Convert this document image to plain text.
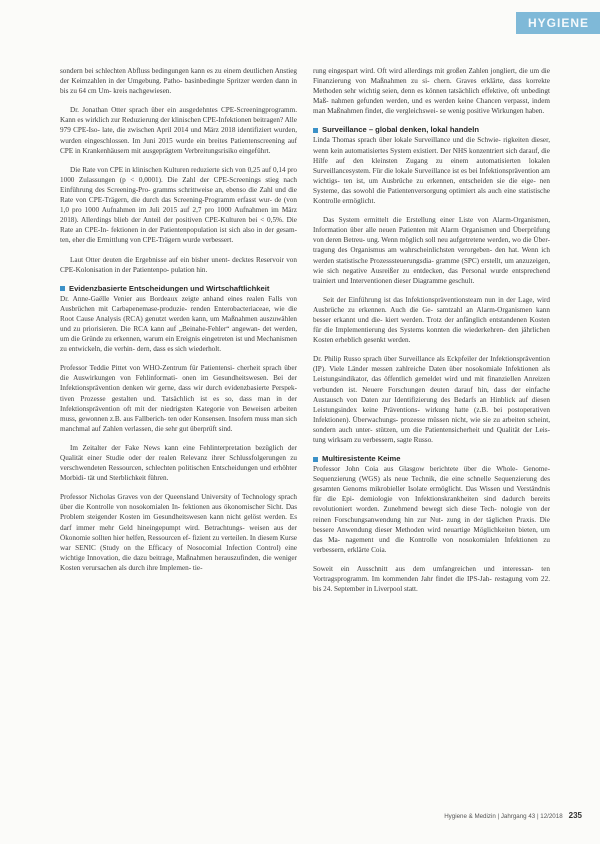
HYGIENE

sondern bei schlechten Abfluss bedingungen kann es zu einem deutlichen Anstieg der Keimzahlen in der Umgebung. Patho- basinbedingte Spritzer werden dann in bis zu 64 cm Um- kreis nachgewiesen.

Dr. Jonathan Otter sprach über ein ausgedehntes CPE-Screeningprogramm. Kann es wirklich zur Reduzierung der klinischen CPE-Infektionen beitragen? Alle 979 CPE-Iso- late, die zwischen April 2014 und März 2018 identifiziert wurden, wurden eingeschlossen. Im Juni 2015 wurde ein breites Patientenscreening auf CPE in Krankenhäusern mit ausgeprägtem Verbreitungsrisiko eingeführt.

Die Rate von CPE in klinischen Kulturen reduzierte sich von 0,25 auf 0,14 pro 1000 Zulassungen (p < 0,0001). Die Zahl der CPE-Screenings stieg nach Einführung des Screening-Pro- gramms schrittweise an, ebenso die Zahl und die Rate von CPE-Trägern, die durch das Screening-Programm erfasst wur- de (von 1,0 pro 1000 Aufnahmen im Juli 2015 auf 2,7 pro 1000 Aufnahmen im März 2018). Allerdings blieb der Anteil der positiven CPE-Kulturen bei < 0,5%. Die Rate an CPE-In- fektionen in der Patientenpopulation ist sich also in der gesam- ten, eher die Ermittlung von CPE-Trägern wurde verbessert.

Laut Otter deuten die Ergebnisse auf ein bisher unent- decktes Reservoir von CPE-Kolonisation in der Patientenpo- pulation hin.

Evidenzbasierte Entscheidungen und Wirtschaftlichkeit

Dr. Anne-Gaëlle Venier aus Bordeaux zeigte anhand eines realen Falls von Ausbrüchen mit Carbapenemase-produzie- renden Enterobacteriaceae, wie die Root Cause Analysis (RCA) genutzt werden kann, um Maßnahmen auszuwählen und zu priorisieren. Die RCA kann auf „Beinahe-Fehler“ angewan- det werden, um die Gründe zu erkennen, warum ein Ereignis eingetreten ist und Mechanismen zu entwickeln, die verhin- dern, dass es sich wiederholt.

Professor Teddie Pittet von WHO-Zentrum für Patientensi- cherheit sprach über die Auswirkungen von Fehlinformati- onen im Gesundheitswesen. Bei der Infektionsprävention denken wir gerne, dass wir durch evidenzbasierte Perspek- tiven Prozesse gestalten und. Tatsächlich ist es so, dass man in der Infektionsprävention oft mit der niedrigsten Kategorie von Beweisen arbeiten muss, gewonnen z.B. aus Fallberich- ten oder Konsensen. Insofern muss man sich manchmal auf Zahlen verlassen, die sehr gut überprüft sind.

Im Zeitalter der Fake News kann eine Fehlinterpretation bezüglich der Qualität einer Studie oder der realen Relevanz ihrer Schlussfolgerungen zu verschwendeten Ressourcen, schlechten politischen Entscheidungen und erhöhter Morbidi- tät und Sterblichkeit führen.

Professor Nicholas Graves von der Queensland University of Technology sprach über die Kontrolle von nosokomialen In- fektionen aus ökonomischer Sicht. Das Problem steigender Kosten im Gesundheitswesen kann nicht gelöst werden. Es darf immer mehr Geld hineingepumpt wird. Betrachtungs- weisen aus der Ökonomie sollten hier helfen, Ressourcen ef- fizient zu verteilen. In diesem Kurse war SENIC (Study on the Efficacy of Nosocomial Infection Control) eine wichtige Innovation, die dazu beitrage, Maßnahmen herauszufinden, die weniger Kosten verursachen als durch ihre Implemen- tie-

rung eingespart wird. Oft wird allerdings mit großen Zahlen jongliert, die um die Finanzierung von Maßnahmen zu si- chern. Graves erklärte, dass korrekte Methoden sehr wichtig seien, denn es können tatsächlich effektive, oft unbedingt Maß- nahmen gefunden werden, und es werden keine Chancen verpasst, indem man Maßnahmen findet, die vergleichswei- se wenig positive Wirkungen haben.

Surveillance – global denken, lokal handeln

Linda Thomas sprach über lokale Surveillance und die Schwie- rigkeiten dieser, wenn kein automatisiertes System existiert. Der NHS konzentriert sich darauf, die Hilfe auf den kleinsten Zugang zu einem automatisierten lokalen Surveillancesystem. Für die lokale Surveillance ist es bei Infektionsprävention am wichtigs- ten ist, um Ausbrüche zu erkennen, entscheiden sie die eige- nen Systeme, das sowohl die Patientenversorgung optimiert als auch eine statistische Kontrolle ermöglicht.

Das System ermittelt die Erstellung einer Liste von Alarm-Organismen, Information über alle neuen Patienten mit Alarm Organismen und Überprüfung von deren Betreu- ung. Wenn möglich soll neu aufgetretene werden, wo die Über- tragung des Organismus am wahrscheinlichsten verorgeben- den hat. Wenn ich werden statistische Prozesssteuerungsdia- gramme (SPC) erstellt, um anzuzeigen, wie sich negative Ausreißer zu entdecken, das Personal wurde entsprechend trainiert und Interventionen dieser Diagramme geschult.

Seit der Einführung ist das Infektionspräventionsteam nun in der Lage, wird Ausbrüche zu erkennen. Auch die Ge- samtzahl an Alarm-Organismen kann besser erkannt und die- kiert werden. Trotz der anfänglich entstandenen Kosten für die Implementierung des Systems konnten die wiederkehren- den jährlichen Kosten erheblich gesenkt werden.

Dr. Philip Russo sprach über Surveillance als Eckpfeiler der Infektionsprävention (IP). Viele Länder messen zahlreiche Daten über nosokomiale Infektionen als Leistungsindikator, das öffentlich gemeldet wird und mit finanziellen Anreizen verbunden ist. Neuere Forschungen deuten darauf hin, dass der einfache Austausch von Daten zur Identifizierung des Bedarfs an Hinblick auf diesen Leistungsindex keine Präventions- wirkung hatte (z.B. bei postoperativen Infektionen). Überwachungs- prozesse müssen nicht, wie sie zu arbeiten scheint, sondern auch unter- stützen, um die Patientensicherheit und Qualität der Leis- tung wirksam zu verbessern, sagte Russo.

Multiresistente Keime

Professor John Coia aus Glasgow berichtete über die Whole- Genome-Sequenzierung (WGS) als neue Technik, die eine schnelle Sequenzierung des gesamten Genoms mikrobieller Isolate ermöglicht. Das Wissen und Verständnis für die Epi- demiologie von Infektionskrankheiten sind dadurch bereits revolutioniert worden. Zunehmend bewegt sich diese Tech- nologie von der reinen Forschungsanwendung hin zur Nut- zung in der täglichen Praxis. Die bessere Anwendung dieser Methoden wird neuartige Möglichkeiten bieten, um das Ma- nagement und die Kontrolle von nosokomialen Infektionen zu verbessern, erklärte Coia.

Soweit ein Ausschnitt aus dem umfangreichen und interessan- ten Vortragsprogramm. Im kommenden Jahr findet die IPS-Jah- restagung vom 22. bis 24. September in Liverpool statt.

Hygiene & Medizin | Jahrgang 43 | 12/2018 235
